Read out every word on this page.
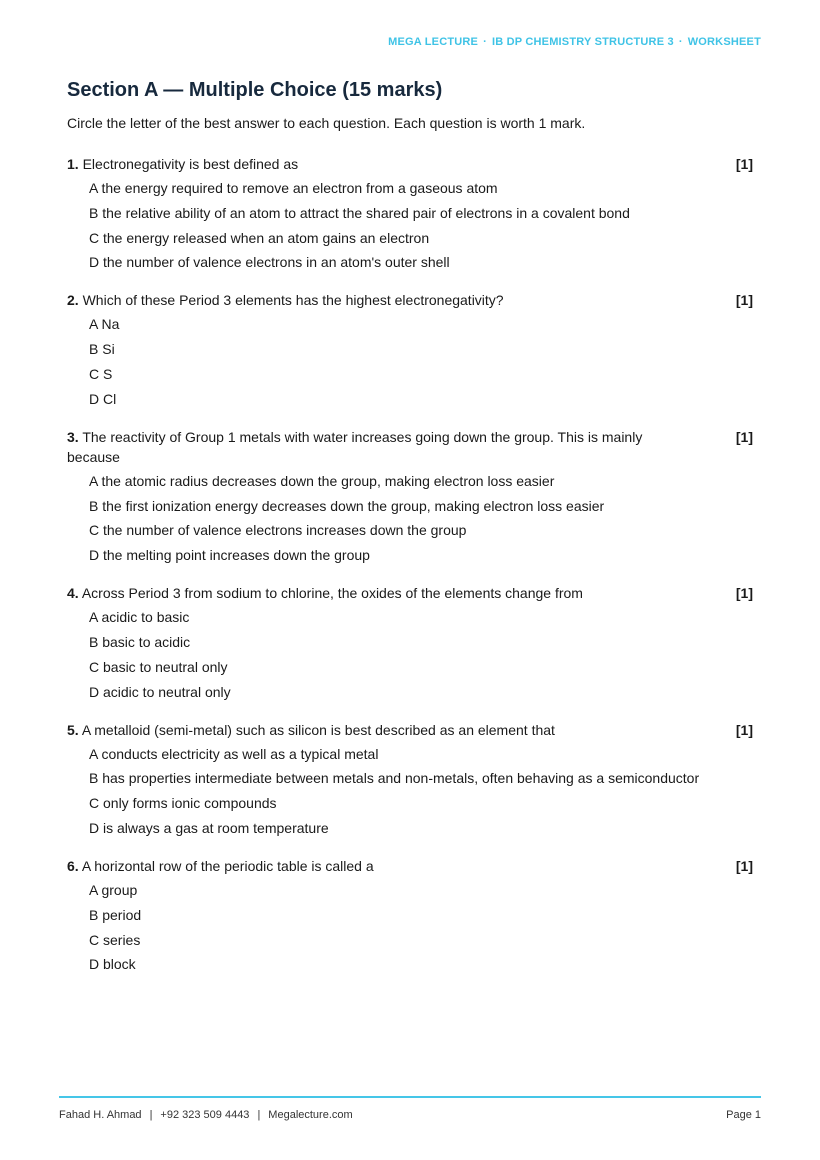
MEGA LECTURE · IB DP CHEMISTRY STRUCTURE 3 · WORKSHEET
Section A — Multiple Choice (15 marks)

Circle the letter of the best answer to each question. Each question is worth 1 mark.

1. Electronegativity is best defined as	[1]
A the energy required to remove an electron from a gaseous atom
B the relative ability of an atom to attract the shared pair of electrons in a covalent bond
C the energy released when an atom gains an electron
D the number of valence electrons in an atom's outer shell
2. Which of these Period 3 elements has the highest electronegativity?	[1]
A Na
B Si
C S
D Cl
3. The reactivity of Group 1 metals with water increases going down the group. This is mainly because
[1]
A the atomic radius decreases down the group, making electron loss easier
B the first ionization energy decreases down the group, making electron loss easier
C the number of valence electrons increases down the group
D the melting point increases down the group
4. Across Period 3 from sodium to chlorine, the oxides of the elements change from	[1]
A acidic to basic
B basic to acidic
C basic to neutral only
D acidic to neutral only
5. A metalloid (semi-metal) such as silicon is best described as an element that	[1]
A conducts electricity as well as a typical metal
B has properties intermediate between metals and non-metals, often behaving as a semiconductor
C only forms ionic compounds
D is always a gas at room temperature
6. A horizontal row of the periodic table is called a	[1]
A group
B period
C series
D block
Fahad H. Ahmad | +92 323 509 4443 | Megalecture.com	Page 1
